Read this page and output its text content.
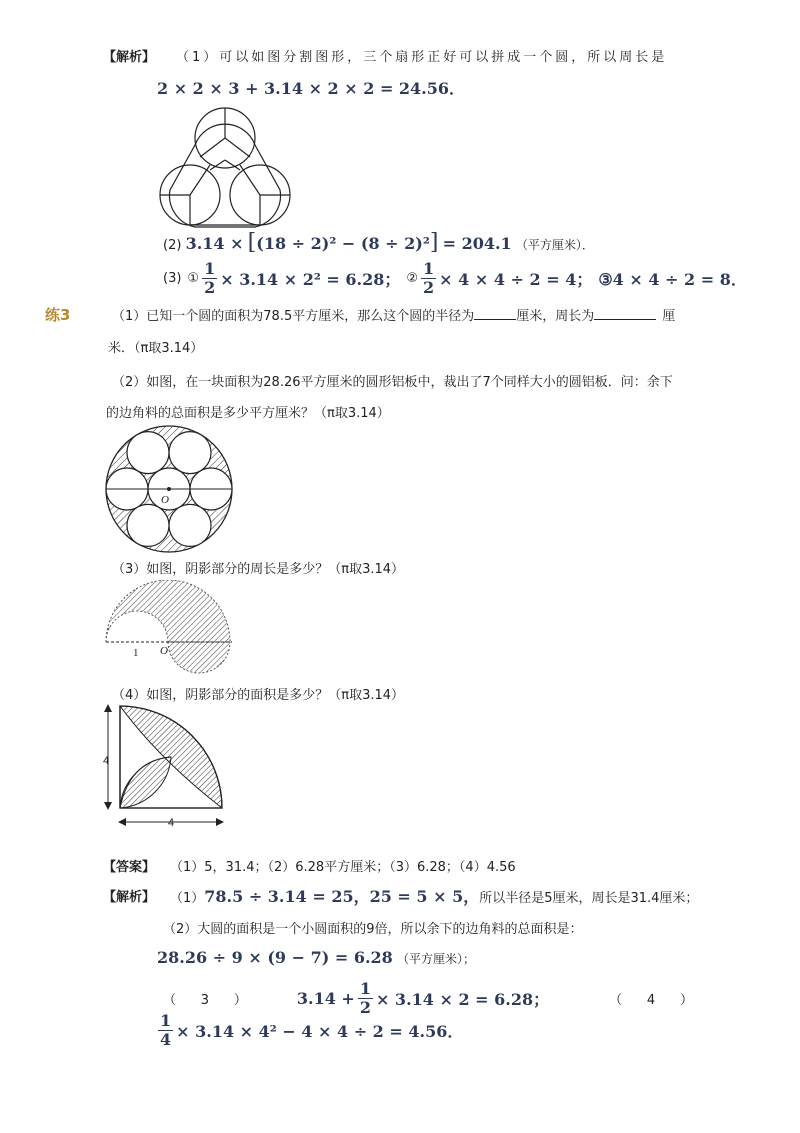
【解析】 （1）可以如图分割图形，三个扇形正好可以拼成一个圆，所以周长是
2 × 2 × 3 + 3.14 × 2 × 2 = 24.56．
(2) 3.14 × [(18 ÷ 2)² − (8 ÷ 2)²] = 204.1 （平方厘米）．
(3) ① $\frac{1}{2} \times 3.14 \times 2^2 = 6.28$； ② $\frac{1}{2} \times 4 \times 4 \div 2 = 4$； ③4 × 4 ÷ 2 = 8．
练3	（1）已知一个圆的面积为78.5平方厘米，那么这个圆的半径为	厘米，周长为	厘
米．（π取3.14）
（2）如图，在一块面积为28.26平方厘米的圆形铝板中，裁出了7个同样大小的圆铝板．问：余下
的边角料的总面积是多少平方厘米？（π取3.14）
O
（3）如图，阴影部分的周长是多少？（π取3.14）
1 O
（4）如图，阴影部分的面积是多少？（π取3.14）
4
4
【答案】 （1）5，31.4；（2）6.28平方厘米；（3）6.28；（4）4.56
【解析】 （1）78.5 ÷ 3.14 = 25，25 = 5 × 5，所以半径是5厘米，周长是31.4厘米；
（2）大圆的面积是一个小圆面积的9倍，所以余下的边角料的总面积是：
28.26 ÷ 9 × (9 − 7) = 6.28 （平方厘米）；
（      3      ）	$3.14 + \frac{1}{2} \times 3.14 \times 2 = 6.28$；	（      4      ）
$\frac{1}{4} \times 3.14 \times 4^2 - 4 \times 4 \div 2 = 4.56$．
